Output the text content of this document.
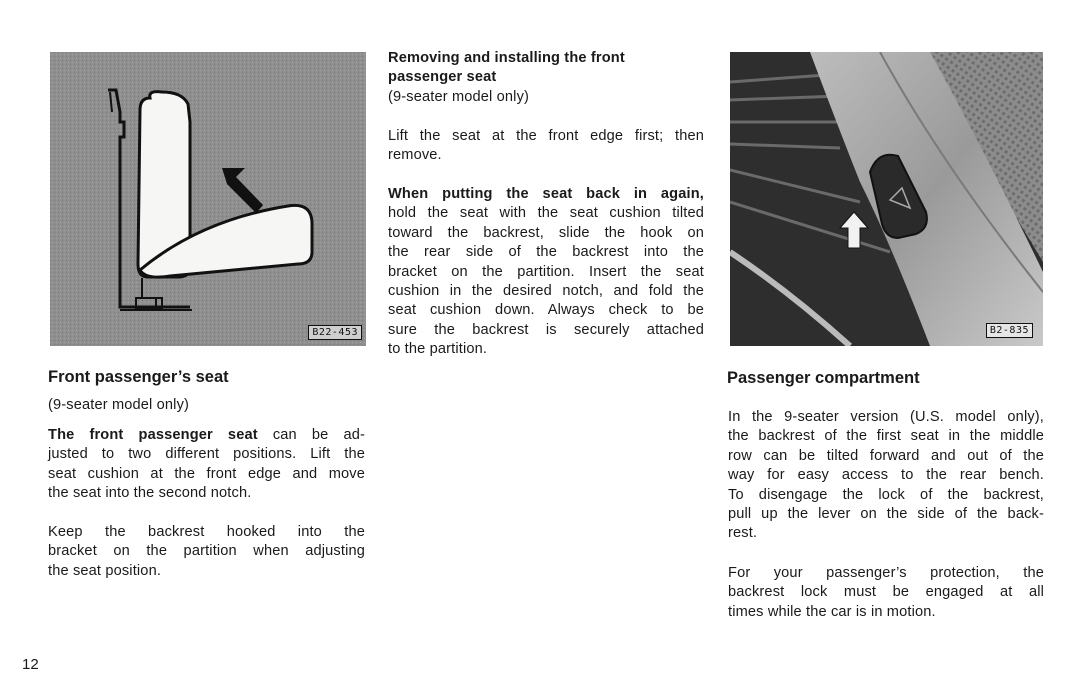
B22-453	B2-835
Front passenger’s seat
(9-seater model only)
The front passenger seat can be ad-
justed to two different positions. Lift the
seat cushion at the front edge and move
the seat into the second notch.
Keep the backrest hooked into the
bracket on the partition when adjusting
the seat position.
Removing and installing the front
passenger seat
(9-seater model only)
Lift the seat at the front edge first; then
remove.
When putting the seat back in again,
hold the seat with the seat cushion tilted
toward the backrest, slide the hook on
the rear side of the backrest into the
bracket on the partition. Insert the seat
cushion in the desired notch, and fold the
seat cushion down. Always check to be
sure the backrest is securely attached
to the partition.
Passenger compartment
In the 9-seater version (U.S. model only),
the backrest of the first seat in the middle
row can be tilted forward and out of the
way for easy access to the rear bench.
To disengage the lock of the backrest,
pull up the lever on the side of the back-
rest.
For your passenger’s protection, the
backrest lock must be engaged at all
times while the car is in motion.
12
